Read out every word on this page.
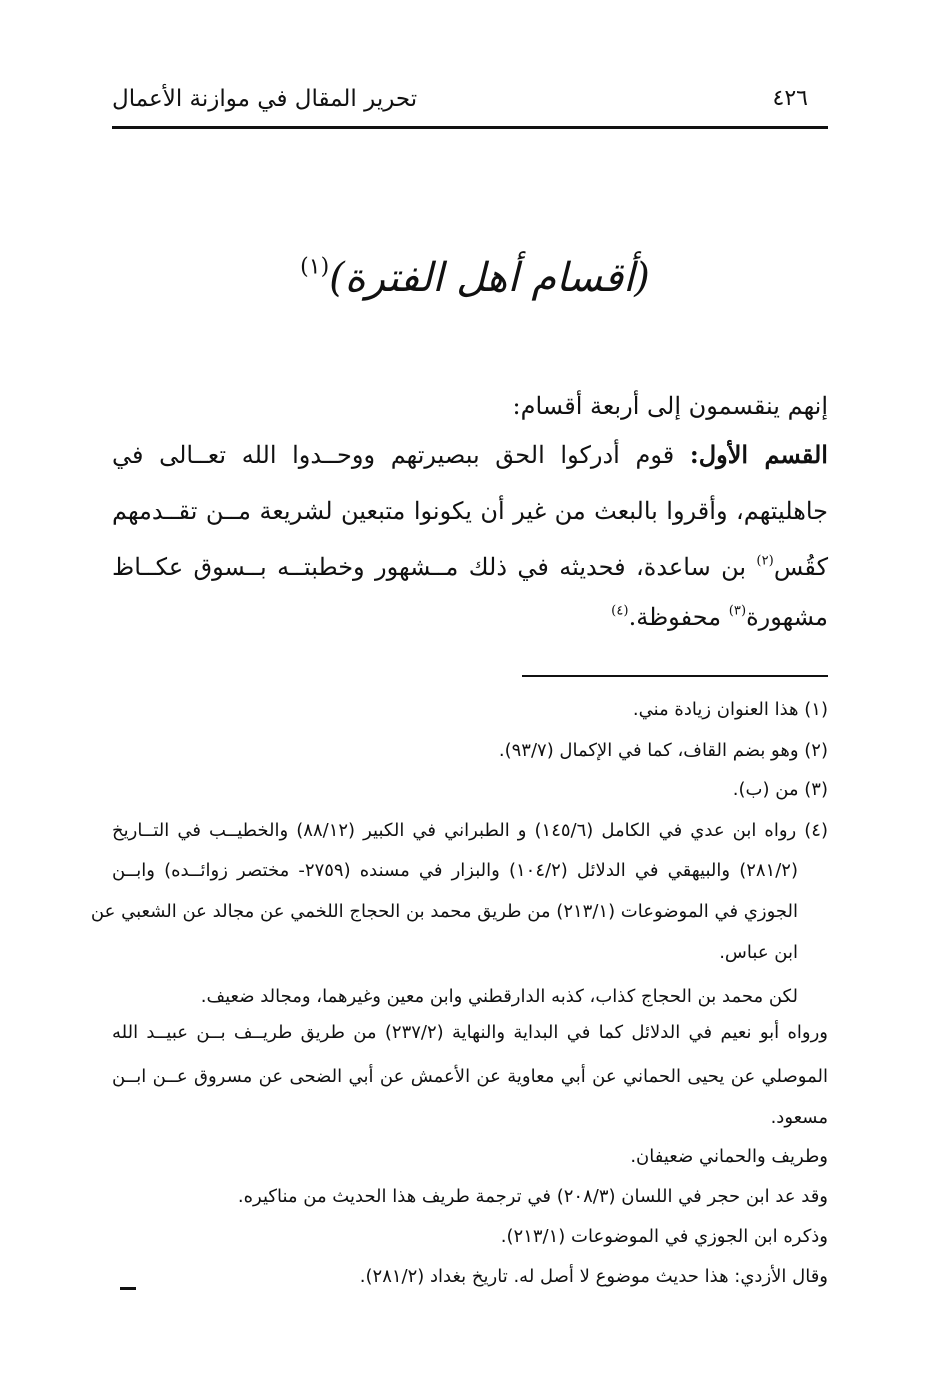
تحرير المقال في موازنة الأعمال	٤٢٦
(أقسام أهل الفترة)$^{(١)}$
إنهم ينقسمون إلى أربعة أقسام:
القسم الأول: قوم أدركوا الحق ببصيرتهم ووحــدوا الله تعــالى في
جاهليتهم، وأقروا بالبعث من غير أن يكونوا متبعين لشريعة مــن تقــدمهم
كقُس$^{(٢)}$ بن ساعدة، فحديثه في ذلك مــشهور وخطبتــه بــسوق عكــاظ
مشهورة$^{(٣)}$ محفوظة.$^{(٤)}$
(١) هذا العنوان زيادة مني.
(٢) وهو بضم القاف، كما في الإكمال (٩٣/٧).
(٣) من (ب).
(٤) رواه ابن عدي في الكامل (١٤٥/٦) و الطبراني في الكبير (٨٨/١٢) والخطيــب في التــاريخ
(٢٨١/٢) والبيهقي في الدلائل (١٠٤/٢) والبزار في مسنده (٢٧٥٩- مختصر زوائــده) وابــن
الجوزي في الموضوعات (٢١٣/١) من طريق محمد بن الحجاج اللخمي عن مجالد عن الشعبي عن
ابن عباس.
لكن محمد بن الحجاج كذاب، كذبه الدارقطني وابن معين وغيرهما، ومجالد ضعيف.
ورواه أبو نعيم في الدلائل كما في البداية والنهاية (٢٣٧/٢) من طريق طريــف بــن عبيــد الله
الموصلي عن يحيى الحماني عن أبي معاوية عن الأعمش عن أبي الضحى عن مسروق عــن ابــن
مسعود.
وطريف والحماني ضعيفان.
وقد عد ابن حجر في اللسان (٢٠٨/٣) في ترجمة طريف هذا الحديث من مناكيره.
وذكره ابن الجوزي في الموضوعات (٢١٣/١).
وقال الأزدي: هذا حديث موضوع لا أصل له. تاريخ بغداد (٢٨١/٢).
